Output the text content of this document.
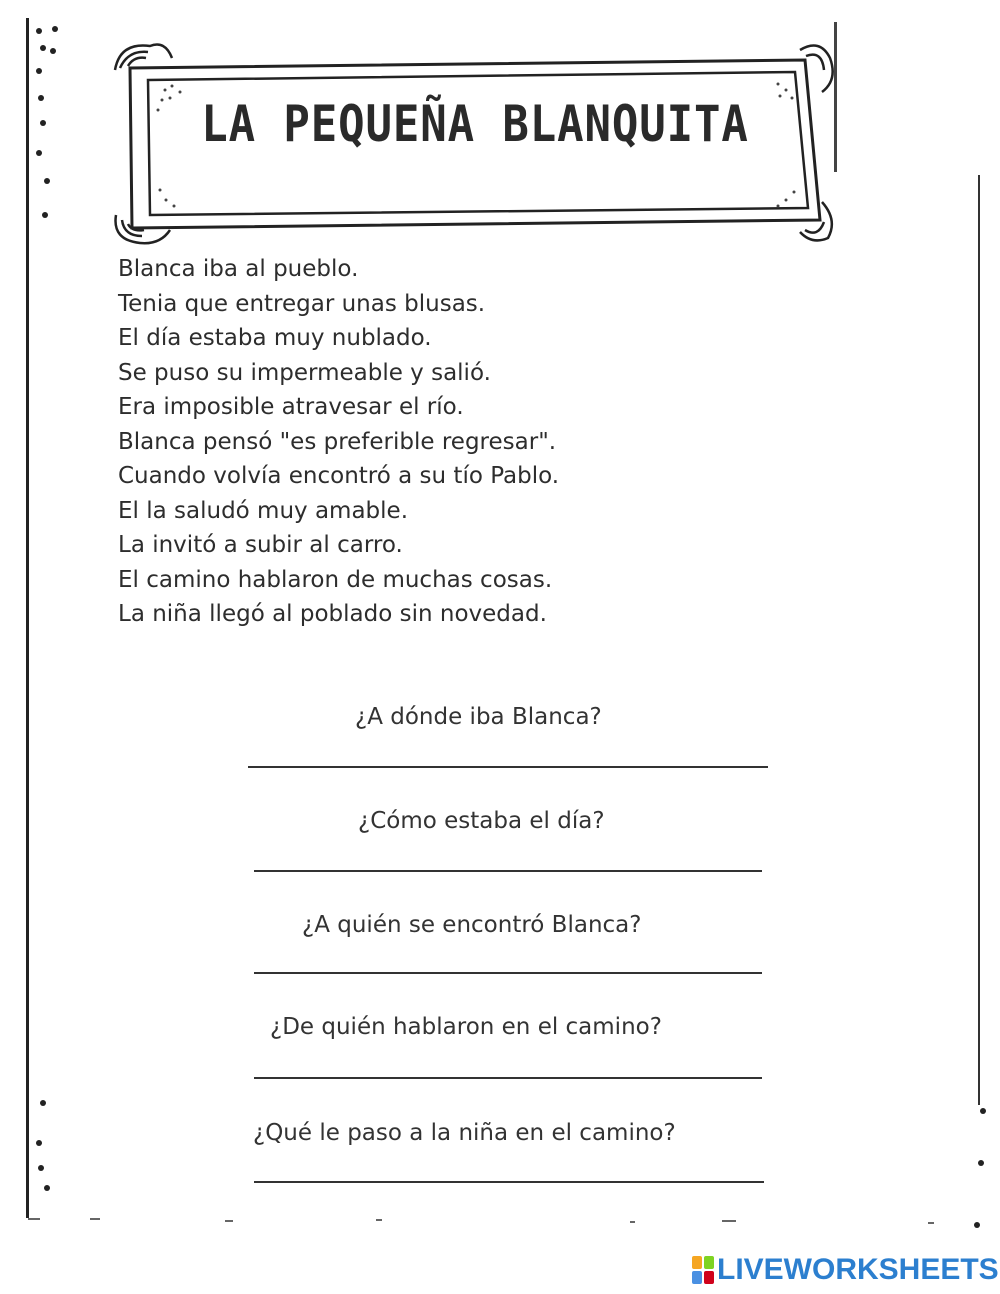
LA PEQUEÑA BLANQUITA
Blanca iba al pueblo.
Tenia que entregar unas blusas.
El día estaba muy nublado.
Se puso su impermeable y salió.
Era imposible atravesar el río.
Blanca pensó "es preferible regresar".
Cuando volvía encontró a su tío Pablo.
El la saludó muy amable.
La invitó a subir al carro.
El camino hablaron de muchas cosas.
La niña llegó al poblado sin novedad.
¿A dónde iba Blanca?
¿Cómo estaba el día?
¿A quién se encontró Blanca?
¿De quién hablaron en el camino?
¿Qué le paso a la niña en el camino?
LIVEWORKSHEETS
